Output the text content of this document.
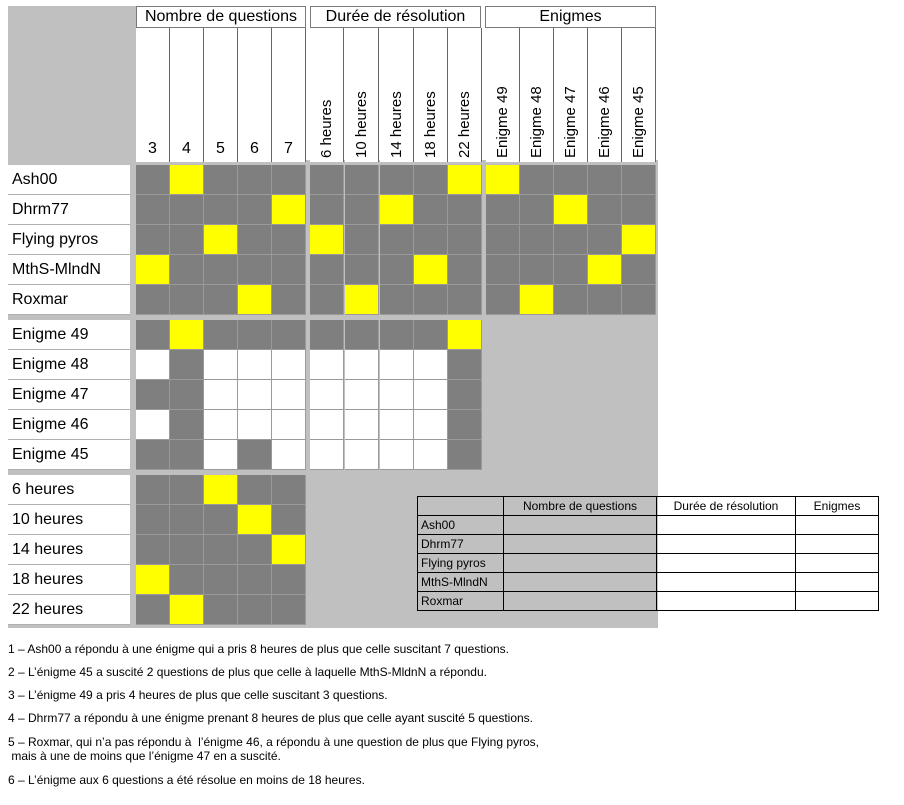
Nombre de questions	Durée de résolution	Enigmes
3	4	5	6	7	6 heures	10 heures	14 heures	18 heures	22 heures	Enigme 49	Enigme 48	Enigme 47	Enigme 46	Enigme 45
Ash00
Dhrm77
Flying pyros
MthS-MlndN
Roxmar
Enigme 49
Enigme 48
Enigme 47
Enigme 46
Enigme 45
6 heures
10 heures
14 heures
18 heures
22 heures
	Nombre de questions	Durée de résolution	Enigmes
Ash00			
Dhrm77			
Flying pyros			
MthS-MlndN			
Roxmar			

1 – Ash00 a répondu à une énigme qui a pris 8 heures de plus que celle suscitant 7 questions.

2 – L’énigme 45 a suscité 2 questions de plus que celle à laquelle MthS-MldnN a répondu.

3 – L’énigme 49 a pris 4 heures de plus que celle suscitant 3 questions.

4 – Dhrm77 a répondu à une énigme prenant 8 heures de plus que celle ayant suscité 5 questions.

5 – Roxmar, qui n’a pas répondu à  l’énigme 46, a répondu à une question de plus que Flying pyros,
mais à une de moins que l’énigme 47 en a suscité.

6 – L’énigme aux 6 questions a été résolue en moins de 18 heures.
